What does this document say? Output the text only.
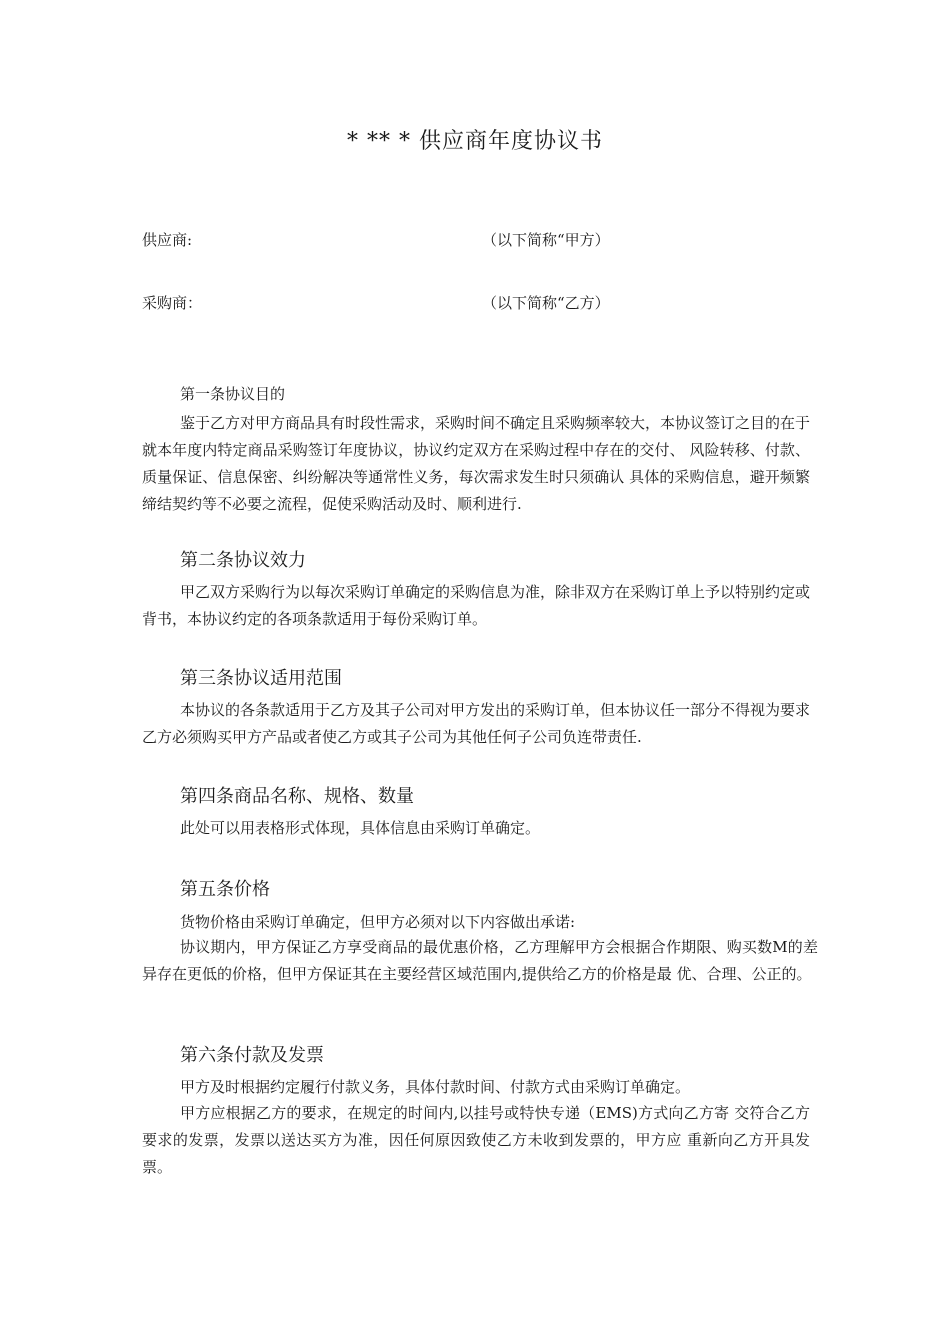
* ** * 供应商年度协议书
供应商:	（以下简称“甲方）
采购商：	（以下简称“乙方）
第一条协议目的
鉴于乙方对甲方商品具有时段性需求，采购时间不确定且采购频率较大，本协议签订之目的在于就本年度内特定商品采购签订年度协议，协议约定双方在采购过程中存在的交付、 风险转移、付款、质量保证、信息保密、纠纷解决等通常性义务，每次需求发生时只须确认 具体的采购信息，避开频繁缔结契约等不必要之流程，促使采购活动及时、顺利进行.
第二条协议效力
甲乙双方采购行为以每次采购订单确定的采购信息为准，除非双方在采购订单上予以特别约定或背书，本协议约定的各项条款适用于每份采购订单。
第三条协议适用范围
本协议的各条款适用于乙方及其子公司对甲方发出的采购订单，但本协议任一部分不得视为要求乙方必须购买甲方产品或者使乙方或其子公司为其他任何子公司负连带责任.
第四条商品名称、规格、数量
此处可以用表格形式体现，具体信息由采购订单确定。
第五条价格
货物价格由采购订单确定，但甲方必须对以下内容做出承诺:
协议期内，甲方保证乙方享受商品的最优惠价格，乙方理解甲方会根据合作期限、购买数M的差异存在更低的价格，但甲方保证其在主要经营区域范围内,提供给乙方的价格是最 优、合理、公正的。
第六条付款及发票
甲方及时根据约定履行付款义务，具体付款时间、付款方式由采购订单确定。
甲方应根据乙方的要求，在规定的时间内,以挂号或特快专递（EMS)方式向乙方寄 交符合乙方要求的发票，发票以送达买方为准，因任何原因致使乙方未收到发票的，甲方应 重新向乙方开具发票。
